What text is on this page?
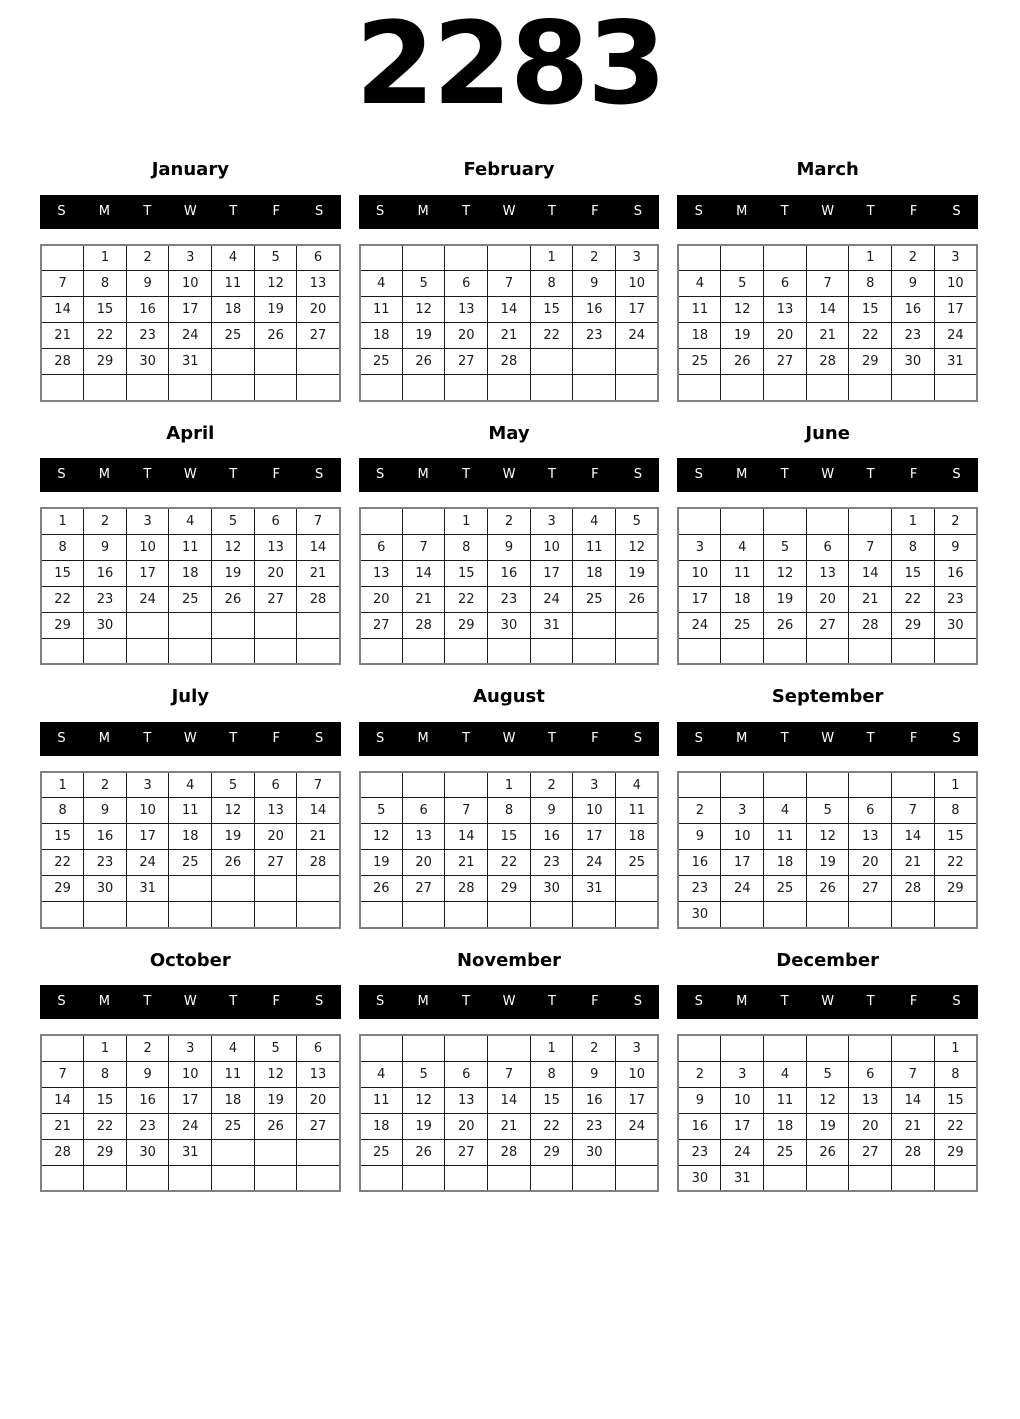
2283
January
S	M	T	W	T	F	S
	1	2	3	4	5	6
7	8	9	10	11	12	13
14	15	16	17	18	19	20
21	22	23	24	25	26	27
28	29	30	31			

February
S	M	T	W	T	F	S
				1	2	3
4	5	6	7	8	9	10
11	12	13	14	15	16	17
18	19	20	21	22	23	24
25	26	27	28			

March
S	M	T	W	T	F	S
				1	2	3
4	5	6	7	8	9	10
11	12	13	14	15	16	17
18	19	20	21	22	23	24
25	26	27	28	29	30	31

April
S	M	T	W	T	F	S
1	2	3	4	5	6	7
8	9	10	11	12	13	14
15	16	17	18	19	20	21
22	23	24	25	26	27	28
29	30					

May
S	M	T	W	T	F	S
		1	2	3	4	5
6	7	8	9	10	11	12
13	14	15	16	17	18	19
20	21	22	23	24	25	26
27	28	29	30	31		

June
S	M	T	W	T	F	S
					1	2
3	4	5	6	7	8	9
10	11	12	13	14	15	16
17	18	19	20	21	22	23
24	25	26	27	28	29	30

July
S	M	T	W	T	F	S
1	2	3	4	5	6	7
8	9	10	11	12	13	14
15	16	17	18	19	20	21
22	23	24	25	26	27	28
29	30	31				

August
S	M	T	W	T	F	S
			1	2	3	4
5	6	7	8	9	10	11
12	13	14	15	16	17	18
19	20	21	22	23	24	25
26	27	28	29	30	31	

September
S	M	T	W	T	F	S
						1
2	3	4	5	6	7	8
9	10	11	12	13	14	15
16	17	18	19	20	21	22
23	24	25	26	27	28	29
30						
October
S	M	T	W	T	F	S
	1	2	3	4	5	6
7	8	9	10	11	12	13
14	15	16	17	18	19	20
21	22	23	24	25	26	27
28	29	30	31			

November
S	M	T	W	T	F	S
				1	2	3
4	5	6	7	8	9	10
11	12	13	14	15	16	17
18	19	20	21	22	23	24
25	26	27	28	29	30	

December
S	M	T	W	T	F	S
						1
2	3	4	5	6	7	8
9	10	11	12	13	14	15
16	17	18	19	20	21	22
23	24	25	26	27	28	29
30	31					
